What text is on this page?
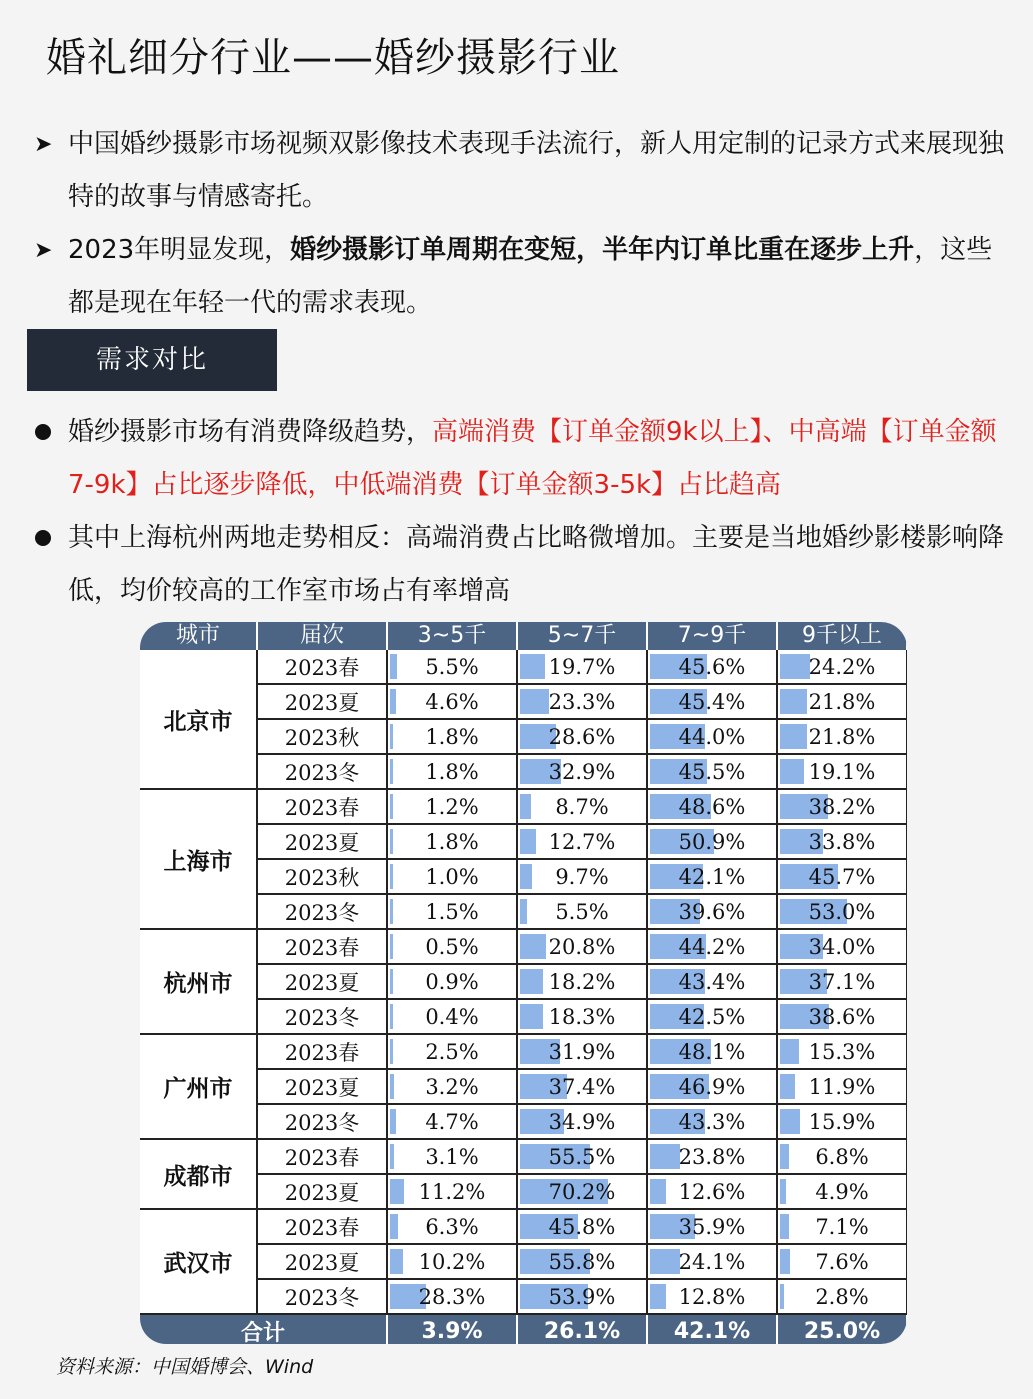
婚礼细分行业——婚纱摄影行业
➤ 中国婚纱摄影市场视频双影像技术表现手法流行，新人用定制的记录方式来展现独特的故事与情感寄托。
➤ 2023年明显发现，婚纱摄影订单周期在变短，半年内订单比重在逐步上升，这些都是现在年轻一代的需求表现。
需求对比
婚纱摄影市场有消费降级趋势，高端消费【订单金额9k以上】、中高端【订单金额7-9k】占比逐步降低，中低端消费【订单金额3-5k】占比趋高
其中上海杭州两地走势相反：高端消费占比略微增加。主要是当地婚纱影楼影响降低，均价较高的工作室市场占有率增高
城市	届次	3~5千	5~7千	7~9千	9千以上
北京市	2023春	5.5%	19.7%	45.6%	24.2%
	2023夏	4.6%	23.3%	45.4%	21.8%
	2023秋	1.8%	28.6%	44.0%	21.8%
	2023冬	1.8%	32.9%	45.5%	19.1%
上海市	2023春	1.2%	8.7%	48.6%	38.2%
	2023夏	1.8%	12.7%	50.9%	33.8%
	2023秋	1.0%	9.7%	42.1%	45.7%
	2023冬	1.5%	5.5%	39.6%	53.0%
杭州市	2023春	0.5%	20.8%	44.2%	34.0%
	2023夏	0.9%	18.2%	43.4%	37.1%
	2023冬	0.4%	18.3%	42.5%	38.6%
广州市	2023春	2.5%	31.9%	48.1%	15.3%
	2023夏	3.2%	37.4%	46.9%	11.9%
	2023冬	4.7%	34.9%	43.3%	15.9%
成都市	2023春	3.1%	55.5%	23.8%	6.8%
	2023夏	11.2%	70.2%	12.6%	4.9%
武汉市	2023春	6.3%	45.8%	35.9%	7.1%
	2023夏	10.2%	55.8%	24.1%	7.6%
	2023冬	28.3%	53.9%	12.8%	2.8%
合计		3.9%	26.1%	42.1%	25.0%
资料来源：中国婚博会、Wind
